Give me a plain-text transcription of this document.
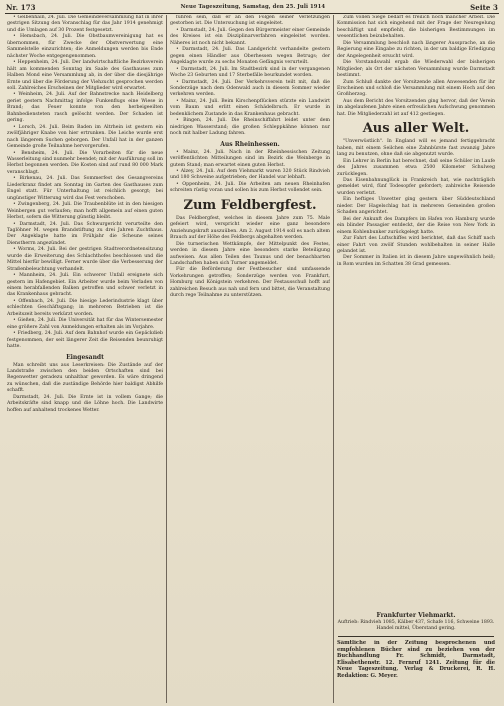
Nr. 173	Neue Tageszeitung, Samstag, den 25. Juli 1914	Seite 3

• Gelbenhain, 24. Juli. Die Gemeindeversammlung hat in ihrer gestrigen Sitzung den Voranschlag für das Jahr 1914 genehmigt und die Umlagen auf 30 Prozent festgesetzt.

• Hemsbach, 24. Juli. Die Obstbaumvereinigung hat es übernommen, für Zwecke der Obstverwertung eine Sammelstelle einzurichten; die Anmeldungen werden bis Ende nächster Woche entgegengenommen.

• Heppenheim, 24. Juli. Der landwirtschaftliche Bezirksverein hält am kommenden Sonntag im Saale des Gasthauses zum Halben Mond eine Versammlung ab, in der über die diesjährige Ernte und über die Förderung der Viehzucht gesprochen werden soll. Zahlreiches Erscheinen der Mitglieder wird erwartet.

• Weinheim, 24. Juli. Auf der Bahnstrecke nach Heidelberg geriet gestern Nachmittag infolge Funkenflugs eine Wiese in Brand; das Feuer konnte von den herbeigeeilten Bahnbediensteten rasch gelöscht werden. Der Schaden ist gering.

• Lorsch, 24. Juli. Beim Baden im Altrhein ist gestern ein zwölfjähriger Knabe von hier ertrunken. Die Leiche wurde erst nach längerem Suchen geborgen. Der Unfall hat in der ganzen Gemeinde große Teilnahme hervorgerufen.

• Bensheim, 24. Juli. Die Vorarbeiten für die neue Wasserleitung sind nunmehr beendet; mit der Ausführung soll im Herbst begonnen werden. Die Kosten sind auf rund 80 000 Mark veranschlagt.

• Birkenau, 24. Juli. Das Sommerfest des Gesangvereins Liederkranz findet am Sonntag im Garten des Gasthauses zum Engel statt. Für Unterhaltung ist reichlich gesorgt; bei ungünstiger Witterung wird das Fest verschoben.

• Zwingenberg, 24. Juli. Die Traubenblüte ist in den hiesigen Weinbergen gut verlaufen; man hofft allgemein auf einen guten Herbst, sofern die Witterung günstig bleibt.

• Darmstadt, 24. Juli. Das Schwurgericht verurteilte den Taglöhner M. wegen Brandstiftung zu drei Jahren Zuchthaus. Der Angeklagte hatte im Frühjahr die Scheune seines Dienstherrn angezündet.

• Worms, 24. Juli. Bei der gestrigen Stadtverordnetensitzung wurde die Erweiterung des Schlachthofes beschlossen und die Mittel hierfür bewilligt. Ferner wurde über die Verbesserung der Straßenbeleuchtung verhandelt.

• Mannheim, 24. Juli. Ein schwerer Unfall ereignete sich gestern im Hafengebiet. Ein Arbeiter wurde beim Verladen von einem herabfallenden Balken getroffen und schwer verletzt in das Krankenhaus gebracht.

• Offenbach, 24. Juli. Die hiesige Lederindustrie klagt über schlechten Geschäftsgang; in mehreren Betrieben ist die Arbeitszeit bereits verkürzt worden.

• Gießen, 24. Juli. Die Universität hat für das Wintersemester eine größere Zahl von Anmeldungen erhalten als im Vorjahre.

• Friedberg, 24. Juli. Auf dem Bahnhof wurde ein Gepäckdieb festgenommen, der seit längerer Zeit die Reisenden beunruhigt hatte.

Eingesandt

Man schreibt uns aus Leserkreisen: Die Zustände auf der Landstraße zwischen den beiden Ortschaften sind bei Regenwetter geradezu unhaltbar geworden. Es wäre dringend zu wünschen, daß die zuständige Behörde hier baldigst Abhilfe schafft.

Darmstadt, 24. Juli. Die Ernte ist in vollem Gange; die Arbeitskräfte sind knapp und die Löhne hoch. Die Landwirte hoffen auf anhaltend trockenes Wetter.

führen sein, daß er an den Folgen seiner Verletzungen gestorben ist. Die Untersuchung ist eingeleitet.

• Darmstadt, 24. Juli. Gegen den Bürgermeister einer Gemeinde des Kreises ist ein Disziplinarverfahren eingeleitet worden. Näheres ist noch nicht bekannt.

• Darmstadt, 24. Juli. Das Landgericht verhandelte gestern gegen einen Händler aus Oberhessen wegen Betrugs; der Angeklagte wurde zu sechs Monaten Gefängnis verurteilt.

• Darmstadt, 24. Juli. Im Stadtbezirk sind in der vergangenen Woche 23 Geburten und 17 Sterbefälle beurkundet worden.

• Darmstadt, 24. Juli. Der Verkehrsverein teilt mit, daß die Sonderzüge nach dem Odenwald auch in diesem Sommer wieder verkehren werden.

• Mainz, 24. Juli. Beim Kirschenpflücken stürzte ein Landwirt vom Baum und erlitt einen Schädelbruch. Er wurde in bedenklichem Zustande in das Krankenhaus gebracht.

• Bingen, 24. Juli. Die Rheinschiffahrt leidet unter dem niedrigen Wasserstand; die großen Schleppkähne können nur noch mit halber Ladung fahren.

Aus Rheinhessen.

• Mainz, 24. Juli. Nach in der Rheinhessischen Zeitung veröffentlichten Mitteilungen sind im Bezirk die Weinberge in gutem Stand; man erwartet einen guten Herbst.

• Alzey, 24. Juli. Auf dem Viehmarkt waren 320 Stück Rindvieh und 180 Schweine aufgetrieben; der Handel war lebhaft.

• Oppenheim, 24. Juli. Die Arbeiten am neuen Rheinhafen schreiten rüstig voran und sollen bis zum Herbst vollendet sein.

Zum Feldbergfest.

Das Feldbergfest, welches in diesem Jahre zum 75. Male gefeiert wird, verspricht wieder eine ganz besondere Anziehungskraft auszuüben. Am 2. August 1914 soll es nach altem Brauch auf der Höhe des Feldbergs abgehalten werden.

Die turnerischen Wettkämpfe, der Mittelpunkt des Festes, werden in diesem Jahre eine besonders starke Beteiligung aufweisen. Aus allen Teilen des Taunus und der benachbarten Landschaften haben sich Turner angemeldet.

Für die Beförderung der Festbesucher sind umfassende Vorkehrungen getroffen; Sonderzüge werden von Frankfurt, Homburg und Königstein verkehren. Der Festausschuß hofft auf zahlreichen Besuch aus nah und fern und bittet, die Veranstaltung durch rege Teilnahme zu unterstützen.

Zum vollen Siege bedarf es freilich noch mancher Arbeit. Die Kommission hat sich eingehend mit der Frage der Neuregelung beschäftigt und empfiehlt, die bisherigen Bestimmungen im wesentlichen beizubehalten.

Die Versammlung beschloß nach längerer Aussprache, an die Regierung eine Eingabe zu richten, in der um baldige Erledigung der Angelegenheit ersucht wird.

Die Vorstandswahl ergab die Wiederwahl der bisherigen Mitglieder; als Ort der nächsten Versammlung wurde Darmstadt bestimmt.

Zum Schluß dankte der Vorsitzende allen Anwesenden für ihr Erscheinen und schloß die Versammlung mit einem Hoch auf den Großherzog.

Aus dem Bericht des Vorsitzenden ging hervor, daß der Verein im abgelaufenen Jahre einen erfreulichen Aufschwung genommen hat. Die Mitgliederzahl ist auf 412 gestiegen.

Aus aller Welt.

"Unverwüstlich". In England will es jemand fertiggebracht haben, mit einem Seilchen eine Zahnbürste fast zwanzig Jahre lang zu benutzen, ohne daß sie abgenutzt wurde.

Ein Lehrer in Berlin hat berechnet, daß seine Schüler im Laufe des Jahres zusammen etwa 2500 Kilometer Schulweg zurücklegen.

Das Eisenbahnunglück in Frankreich hat, wie nachträglich gemeldet wird, fünf Todesopfer gefordert; zahlreiche Reisende wurden verletzt.

Ein heftiges Unwetter ging gestern über Süddeutschland nieder. Der Hagelschlag hat in mehreren Gemeinden großen Schaden angerichtet.

Bei der Ankunft des Dampfers im Hafen von Hamburg wurde ein blinder Passagier entdeckt, der die Reise von New York in einem Kohlenbunker zurückgelegt hatte.

Zur Fahrt des Luftschiffes wird berichtet, daß das Schiff nach einer Fahrt von zwölf Stunden wohlbehalten in seiner Halle gelandet ist.

Der Sommer in Italien ist in diesem Jahre ungewöhnlich heiß; in Rom wurden im Schatten 38 Grad gemessen.

Frankfurter Viehmarkt.
Auftrieb: Rindvieh 1085, Kälber 437, Schafe 116, Schweine 1893. Handel mittel, Überstand gering.
Sämtliche in der Zeitung besprochenen und empfohlenen Bücher sind zu beziehen von der Buchhandlung Fr. Schmidt, Darmstadt, Elisabethenstr. 12. Fernruf 1241. Zeitung für die Neue Tageszeitung, Verlag & Druckerei, R. H. Redaktion: G. Meyer.
